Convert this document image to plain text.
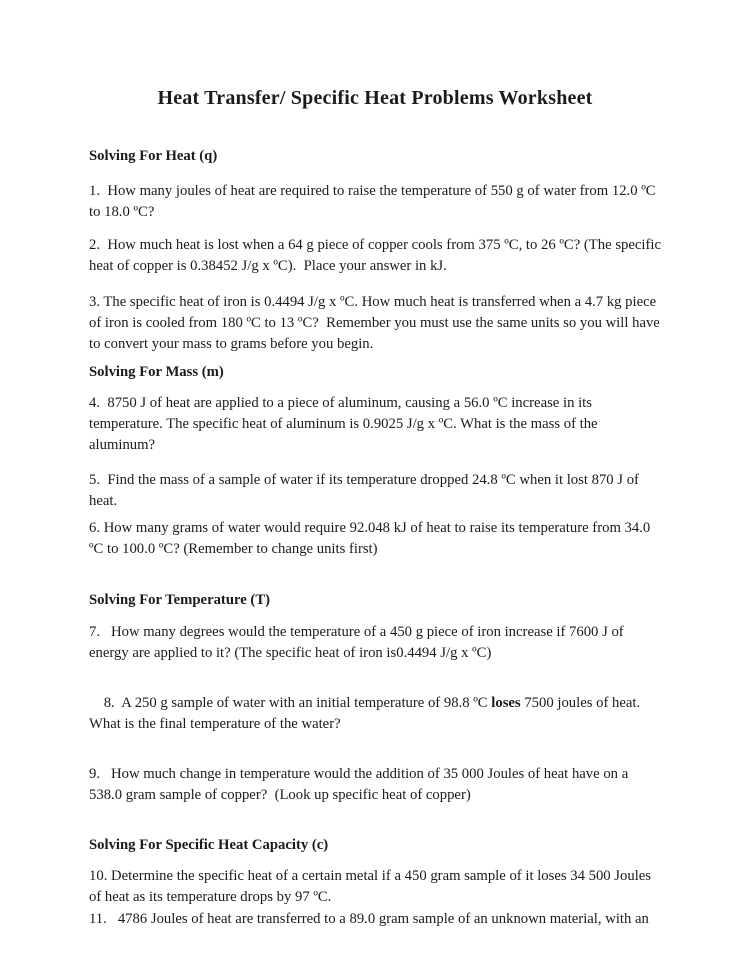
Heat Transfer/ Specific Heat Problems Worksheet
Solving For Heat (q)

1.  How many joules of heat are required to raise the temperature of 550 g of water from 12.0 ºC to 18.0 ºC?

2.  How much heat is lost when a 64 g piece of copper cools from 375 ºC, to 26 ºC? (The specific heat of copper is 0.38452 J/g x ºC).  Place your answer in kJ.

3. The specific heat of iron is 0.4494 J/g x ºC. How much heat is transferred when a 4.7 kg piece of iron is cooled from 180 ºC to 13 ºC?  Remember you must use the same units so you will have to convert your mass to grams before you begin.

Solving For Mass (m)

4.  8750 J of heat are applied to a piece of aluminum, causing a 56.0 ºC increase in its temperature. The specific heat of aluminum is 0.9025 J/g x ºC. What is the mass of the aluminum?

5.  Find the mass of a sample of water if its temperature dropped 24.8 ºC when it lost 870 J of heat.

6. How many grams of water would require 92.048 kJ of heat to raise its temperature from 34.0 ºC to 100.0 ºC? (Remember to change units first)

Solving For Temperature (T)

7.   How many degrees would the temperature of a 450 g piece of iron increase if 7600 J of energy are applied to it? (The specific heat of iron is0.4494 J/g x ºC)

8.  A 250 g sample of water with an initial temperature of 98.8 ºC loses 7500 joules of heat. What is the final temperature of the water?

9.   How much change in temperature would the addition of 35 000 Joules of heat have on a 538.0 gram sample of copper?  (Look up specific heat of copper)

Solving For Specific Heat Capacity (c)

10. Determine the specific heat of a certain metal if a 450 gram sample of it loses 34 500 Joules of heat as its temperature drops by 97 ºC.

11.   4786 Joules of heat are transferred to a 89.0 gram sample of an unknown material, with an
